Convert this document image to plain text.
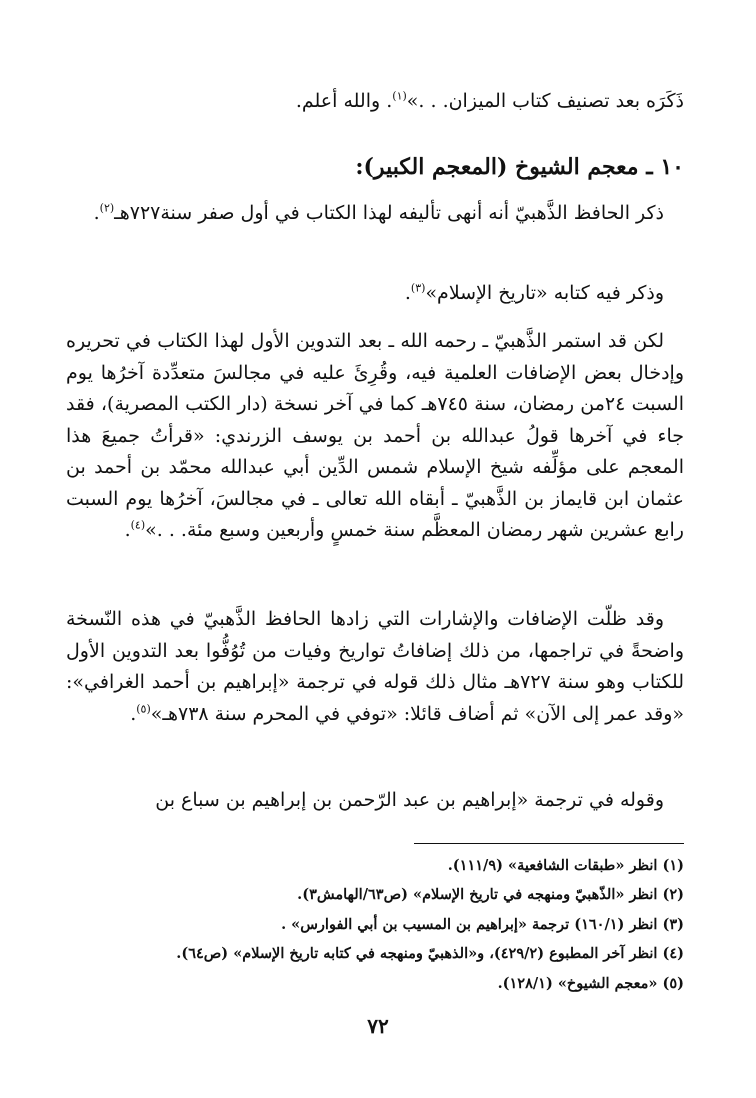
ذَكَرَه بعد تصنيف كتاب الميزان. . .»$^{(١)}$. والله أعلم.

١٠ ـ معجم الشيوخ (المعجم الكبير):

ذكر الحافظ الذَّهبيّ أنه أنهى تأليفه لهذا الكتاب في أول صفر سنة٧٢٧هـ$^{(٢)}$.

وذكر فيه كتابه «تاريخ الإسلام»$^{(٣)}$.

لكن قد استمر الذَّهبيّ ـ رحمه الله ـ بعد التدوين الأول لهذا الكتاب في تحريره وإدخال بعض الإضافات العلمية فيه، وقُرِئَ عليه في مجالسَ متعدِّدة آخرُها يوم السبت ٢٤من رمضان، سنة ٧٤٥هـ كما في آخر نسخة (دار الكتب المصرية)، فقد جاء في آخرها قولُ عبدالله بن أحمد بن يوسف الزرندي: «قرأتُ جميعَ هذا المعجم على مؤلِّفه شيخ الإسلام شمس الدِّين أبي عبدالله محمّد بن أحمد بن عثمان ابن قايماز بن الذَّهبيّ ـ أبقاه الله تعالى ـ في مجالسَ، آخرُها يوم السبت رابع عشرين شهر رمضان المعظَّم سنة خمسٍ وأربعين وسبع مئة. . .»$^{(٤)}$.

وقد ظلّت الإضافات والإشارات التي زادها الحافظ الذَّهبيّ في هذه النّسخة واضحةً في تراجمها، من ذلك إضافاتُ تواريخ وفيات من تُوُفُّوا بعد التدوين الأول للكتاب وهو سنة ٧٢٧هـ مثال ذلك قوله في ترجمة «إبراهيم بن أحمد الغرافي»: «وقد عمر إلى الآن» ثم أضاف قائلا: «توفي في المحرم سنة ٧٣٨هـ»$^{(٥)}$.

وقوله في ترجمة «إبراهيم بن عبد الرّحمن بن إبراهيم بن سباع بن

(١) انظر «طبقات الشافعية» (١١١/٩).

(٢) انظر «الذّهبيّ ومنهجه في تاريخ الإسلام» (ص٦٣/الهامش٣).

(٣) انظر (١٦٠/١) ترجمة «إبراهيم بن المسيب بن أبي الفوارس» .

(٤) انظر آخر المطبوع (٤٢٩/٢)، و«الذهبيّ ومنهجه في كتابه تاريخ الإسلام» (ص٦٤).

(٥) «معجم الشيوخ» (١٢٨/١).

٧٢
